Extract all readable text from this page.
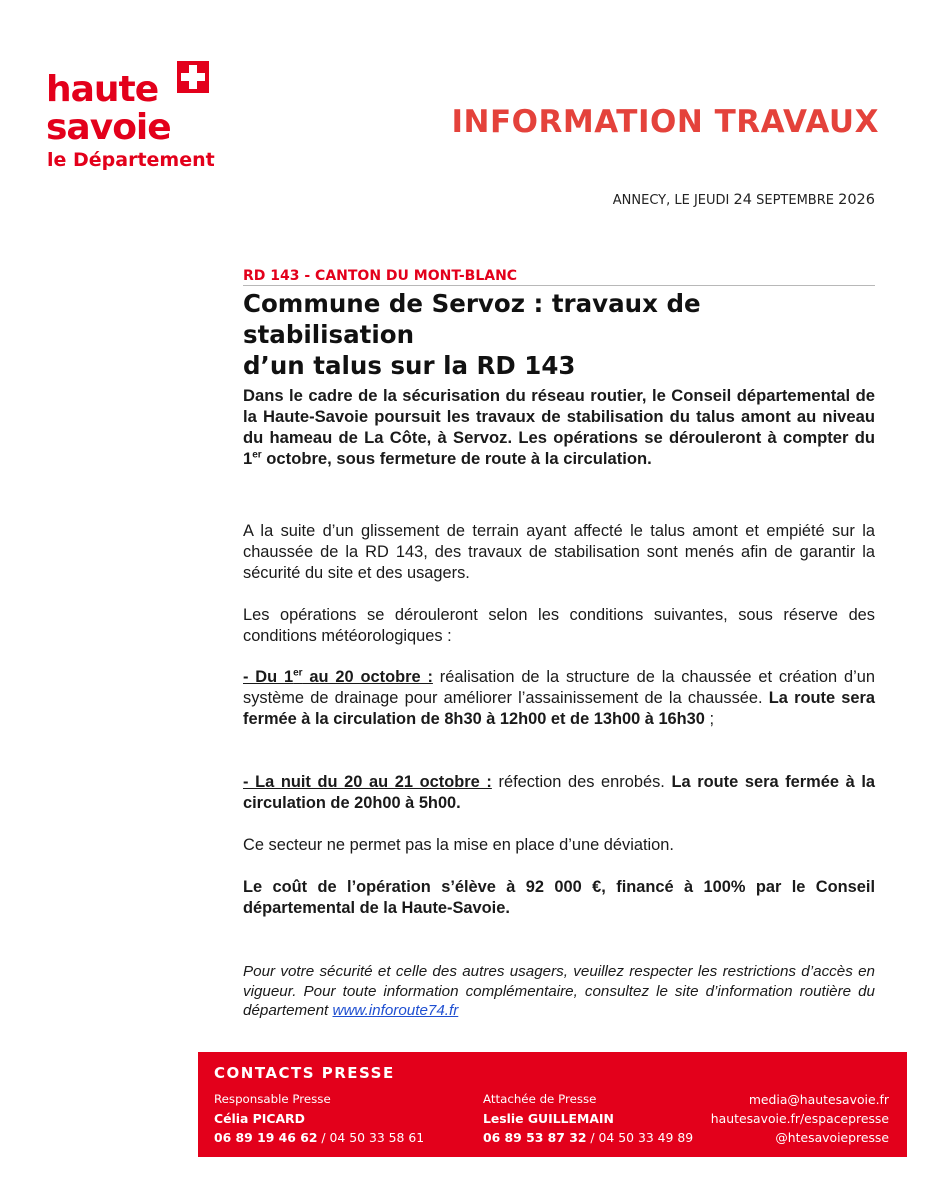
haute
savoie
le Département
INFORMATION TRAVAUX
ANNECY, LE JEUDI 24 SEPTEMBRE 2026
RD 143 - CANTON DU MONT-BLANC
Commune de Servoz : travaux de stabilisation
d’un talus sur la RD 143
Dans le cadre de la sécurisation du réseau routier, le Conseil départemental de la Haute-Savoie poursuit les travaux de stabilisation du talus amont au niveau du hameau de La Côte, à Servoz. Les opérations se dérouleront à compter du 1er octobre, sous fermeture de route à la circulation.
A la suite d’un glissement de terrain ayant affecté le talus amont et empiété sur la chaussée de la RD 143, des travaux de stabilisation sont menés afin de garantir la sécurité du site et des usagers.
Les opérations se dérouleront selon les conditions suivantes, sous réserve des conditions météorologiques :
- Du 1er au 20 octobre : réalisation de la structure de la chaussée et création d’un système de drainage pour améliorer l’assainissement de la chaussée. La route sera fermée à la circulation de 8h30 à 12h00 et de 13h00 à 16h30 ;
- La nuit du 20 au 21 octobre : réfection des enrobés. La route sera fermée à la circulation de 20h00 à 5h00.
Ce secteur ne permet pas la mise en place d’une déviation.
Le coût de l’opération s’élève à 92 000 €, financé à 100% par le Conseil départemental de la Haute-Savoie.
Pour votre sécurité et celle des autres usagers, veuillez respecter les restrictions d’accès en vigueur. Pour toute information complémentaire, consultez le site d’information routière du département www.inforoute74.fr
CONTACTS PRESSE
Responsable Presse
Célia PICARD
06 89 19 46 62 / 04 50 33 58 61
Attachée de Presse
Leslie GUILLEMAIN
06 89 53 87 32 / 04 50 33 49 89
media@hautesavoie.fr
hautesavoie.fr/espacepresse
@htesavoiepresse
